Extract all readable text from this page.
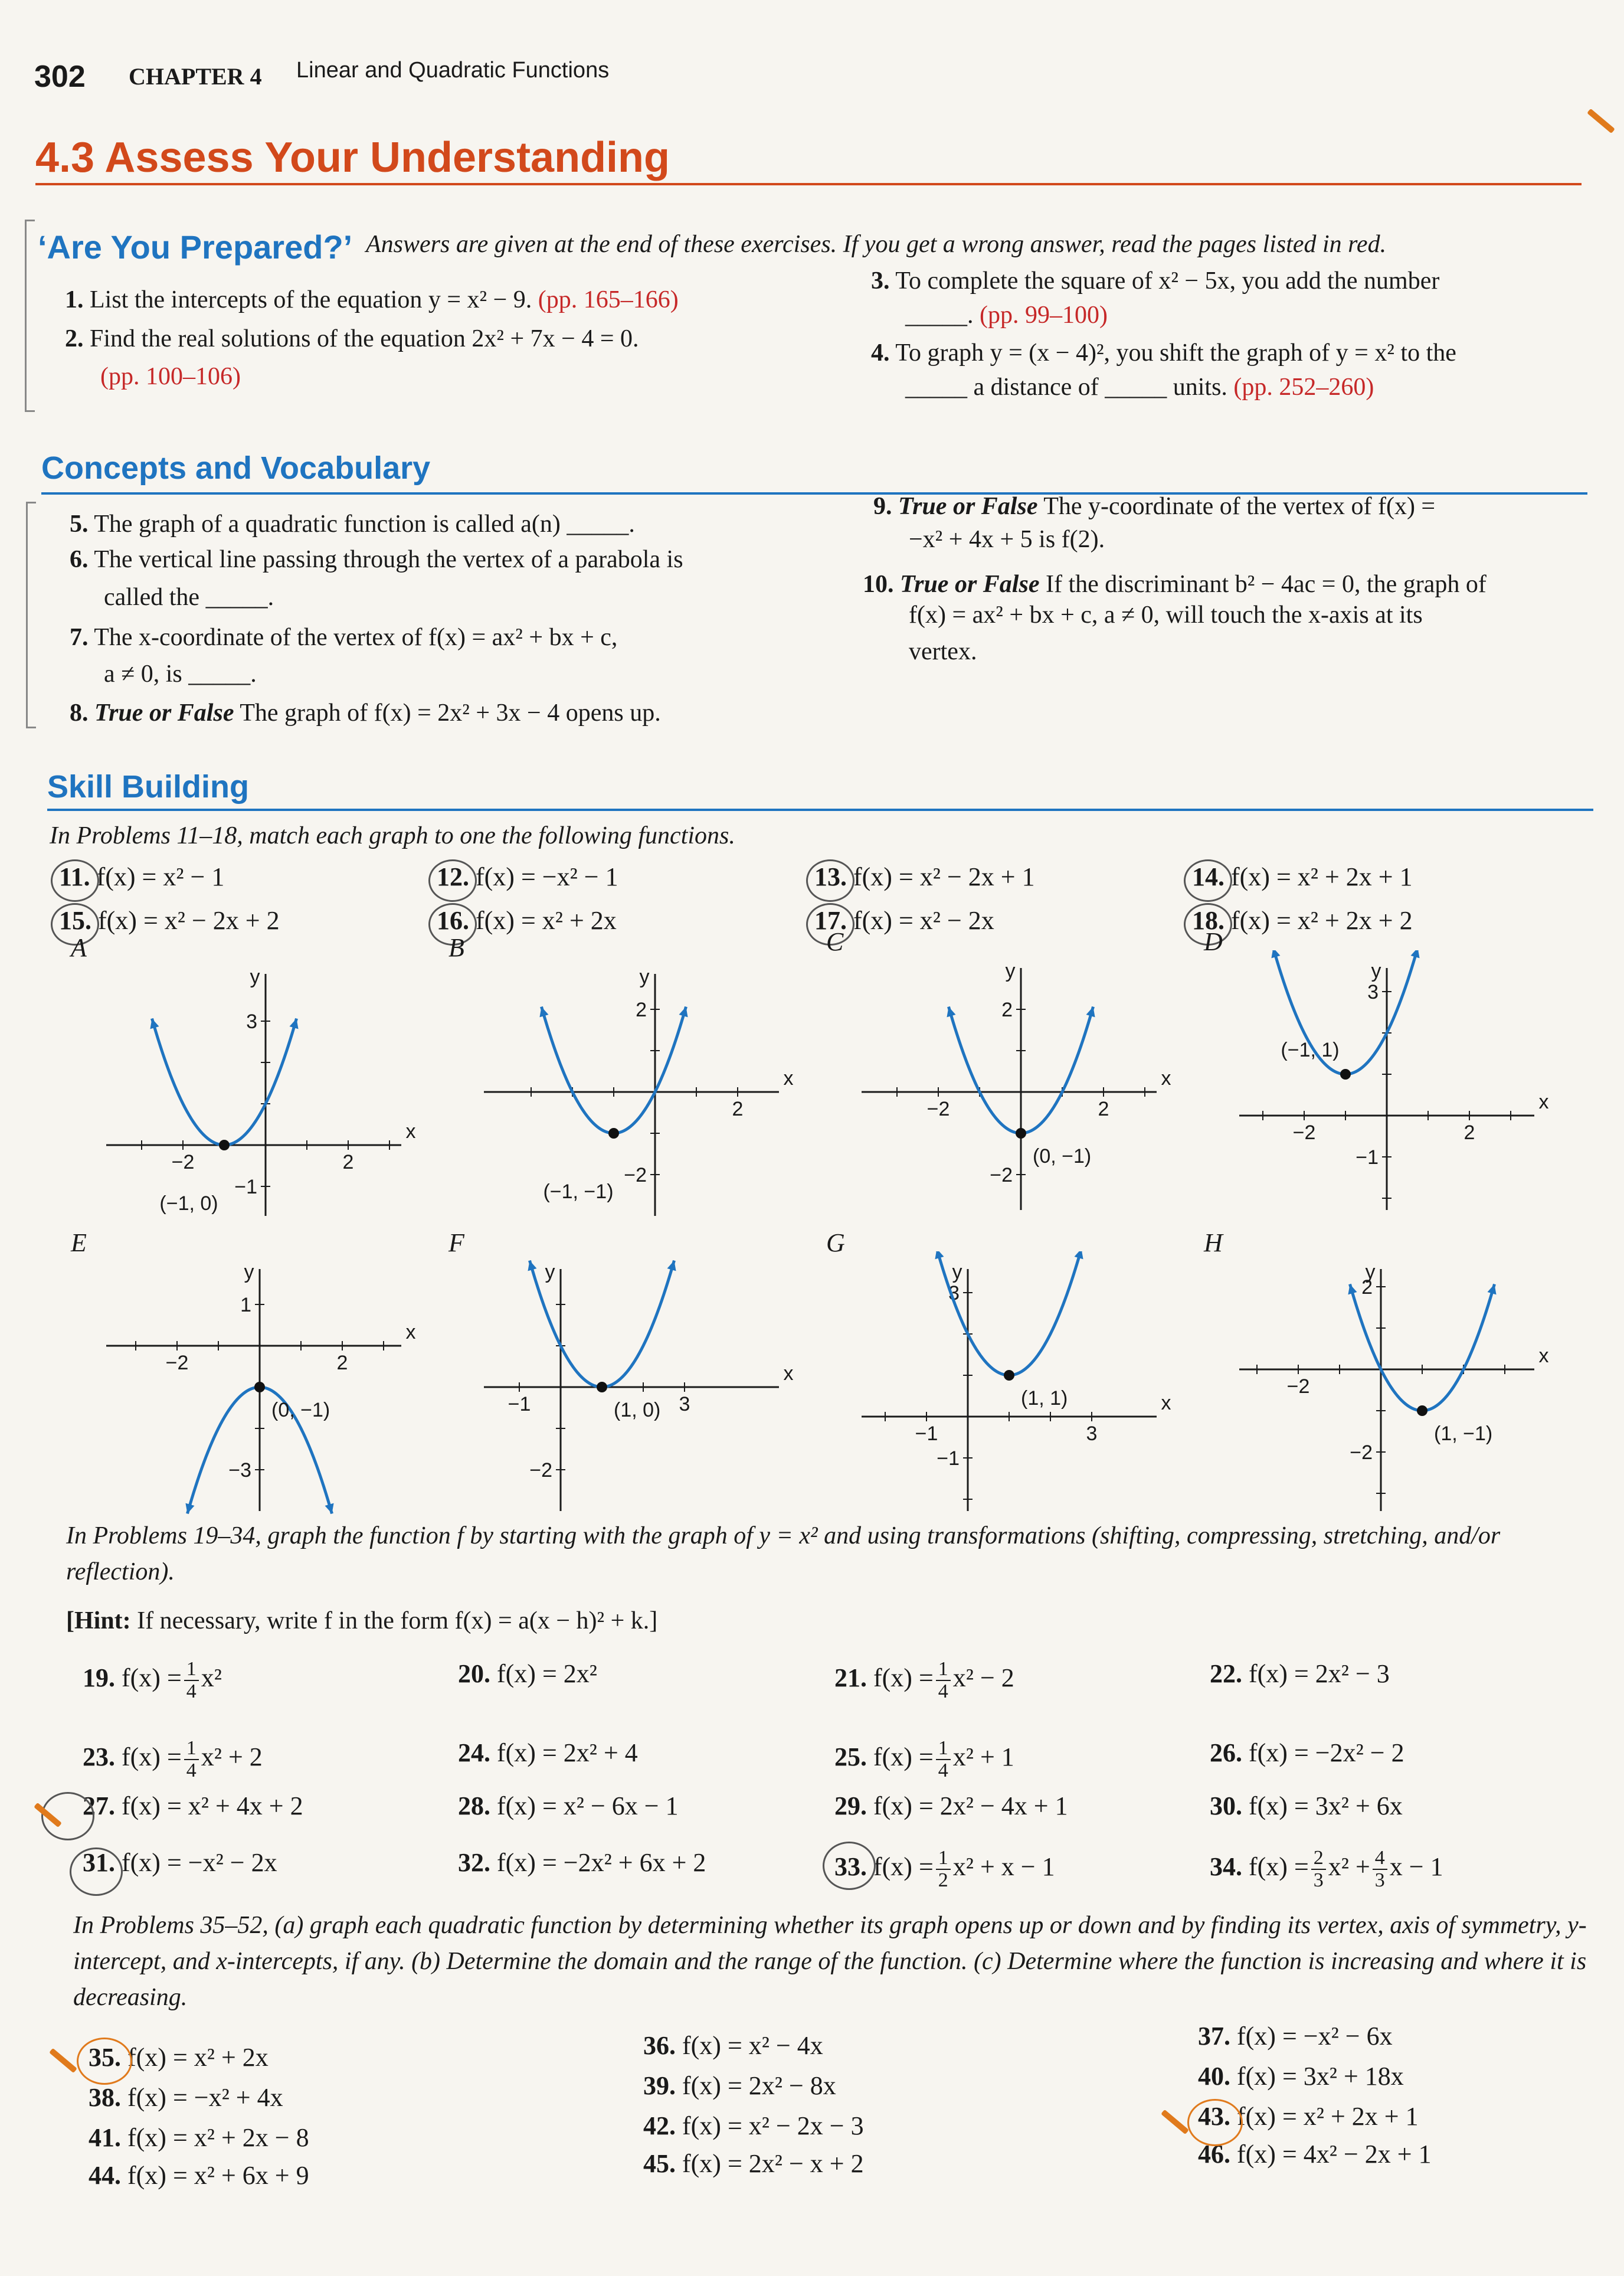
302 CHAPTER 4 Linear and Quadratic Functions
4.3 Assess Your Understanding
‘Are You Prepared?’ Answers are given at the end of these exercises. If you get a wrong answer, read the pages listed in red.
1. List the intercepts of the equation y = x² − 9. (pp. 165–166)
2. Find the real solutions of the equation 2x² + 7x − 4 = 0.
(pp. 100–106)
3. To complete the square of x² − 5x, you add the number
_____. (pp. 99–100)
4. To graph y = (x − 4)², you shift the graph of y = x² to the
_____ a distance of _____ units. (pp. 252–260)
Concepts and Vocabulary
5. The graph of a quadratic function is called a(n) _____.
6. The vertical line passing through the vertex of a parabola is
called the _____.
7. The x-coordinate of the vertex of f(x) = ax² + bx + c,
a ≠ 0, is _____.
8. True or False The graph of f(x) = 2x² + 3x − 4 opens up.
9. True or False The y-coordinate of the vertex of f(x) =
−x² + 4x + 5 is f(2).
10. True or False If the discriminant b² − 4ac = 0, the graph of
f(x) = ax² + bx + c, a ≠ 0, will touch the x-axis at its
vertex.
Skill Building
In Problems 11–18, match each graph to one the following functions.
11. f(x) = x² − 1	12. f(x) = −x² − 1	13. f(x) = x² − 2x + 1	14. f(x) = x² + 2x + 1
15. f(x) = x² − 2x + 2	16. f(x) = x² + 2x	17. f(x) = x² − 2x	18. f(x) = x² + 2x + 2
A
x
y
−2	2
3
−1
(−1, 0)
B
x
y
2
2
−2
(−1, −1)
C
x
y
−2	2
2
−2
(0, −1)
D
x
y
−2	2
3
−1
(−1, 1)
E
x
y
−2	2
1
−3
(0, −1)
F
x
y
−1	3
−2
(1, 0)
G
x
y
−1	3
3
−1
(1, 1)
H
x
y
−2
2
−2
(1, −1)
In Problems 19–34, graph the function f by starting with the graph of y = x² and using transformations (shifting, compressing, stretching, and/or reflection).
[Hint: If necessary, write f in the form f(x) = a(x − h)² + k.]
19. $f(x) = \frac{1}{4} x^2$	20. f(x) = 2x²	21. $f(x) = \frac{1}{4} x^2 - 2$	22. f(x) = 2x² − 3
23. $f(x) = \frac{1}{4} x^2 + 2$	24. f(x) = 2x² + 4	25. $f(x) = \frac{1}{4} x^2 + 1$	26. f(x) = −2x² − 2
27. f(x) = x² + 4x + 2	28. f(x) = x² − 6x − 1	29. f(x) = 2x² − 4x + 1	30. f(x) = 3x² + 6x
31. f(x) = −x² − 2x	32. f(x) = −2x² + 6x + 2	33. $f(x) = \frac{1}{2} x^2 + x - 1$	34. $f(x) = \frac{2}{3} x^2 + \frac{4}{3}$ x − 1
In Problems 35–52, (a) graph each quadratic function by determining whether its graph opens up or down and by finding its vertex, axis of symmetry, y-intercept, and x-intercepts, if any. (b) Determine the domain and the range of the function. (c) Determine where the function is increasing and where it is decreasing.
35. f(x) = x² + 2x	36. f(x) = x² − 4x	37. f(x) = −x² − 6x
38. f(x) = −x² + 4x	39. f(x) = 2x² − 8x	40. f(x) = 3x² + 18x
41. f(x) = x² + 2x − 8	42. f(x) = x² − 2x − 3	43. f(x) = x² + 2x + 1
44. f(x) = x² + 6x + 9	45. f(x) = 2x² − x + 2	46. f(x) = 4x² − 2x + 1
